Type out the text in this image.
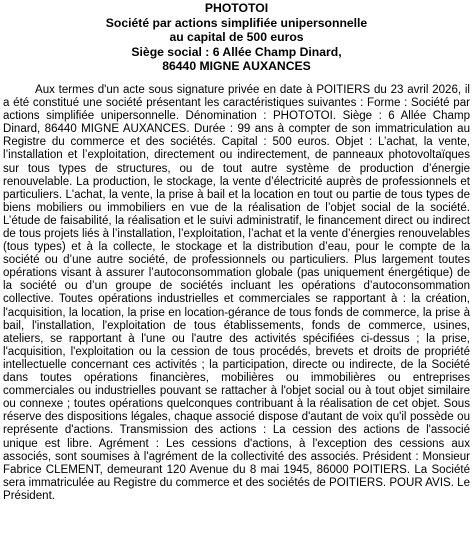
PHOTOTOI
Société par actions simplifiée unipersonnelle
au capital de 500 euros
Siège social : 6 Allée Champ Dinard,
86440 MIGNE AUXANCES

Aux termes d'un acte sous signature privée en date à POITIERS du 23 avril 2026, il a été constitué une société présentant les caractéristiques suivantes : Forme : Société par actions simplifiée unipersonnelle. Dénomination : PHOTOTOI. Siège : 6 Allée Champ Dinard, 86440 MIGNE AUXANCES. Durée : 99 ans à compter de son immatriculation au Registre du commerce et des sociétés. Capital : 500 euros. Objet : L’achat, la vente, l’installation et l’exploitation, directement ou indirectement, de panneaux photovoltaïques sur tous types de structures, ou de tout autre système de production d’énergie renouvelable. La production, le stockage, la vente d’électricité auprès de professionnels et particuliers. L'achat, la vente, la prise à bail et la location en tout ou partie de tous types de biens mobiliers ou immobiliers en vue de la réalisation de l’objet social de la société. L’étude de faisabilité, la réalisation et le suivi administratif, le financement direct ou indirect de tous projets liés à l’installation, l’exploitation, l’achat et la vente d’énergies renouvelables (tous types) et à la collecte, le stockage et la distribution d’eau, pour le compte de la société ou d’une autre société, de professionnels ou particuliers. Plus largement toutes opérations visant à assurer l’autoconsommation globale (pas uniquement énergétique) de la société ou d’un groupe de sociétés incluant les opérations d’autoconsommation collective. Toutes opérations industrielles et commerciales se rapportant à : la création, l'acquisition, la location, la prise en location-gérance de tous fonds de commerce, la prise à bail, l'installation, l'exploitation de tous établissements, fonds de commerce, usines, ateliers, se rapportant à l'une ou l'autre des activités spécifiées ci-dessus ; la prise, l'acquisition, l'exploitation ou la cession de tous procédés, brevets et droits de propriété intellectuelle concernant ces activités ; la participation, directe ou indirecte, de la Société dans toutes opérations financières, mobilières ou immobilières ou entreprises commerciales ou industrielles pouvant se rattacher à l'objet social ou à tout objet similaire ou connexe ; toutes opérations quelconques contribuant à la réalisation de cet objet. Sous réserve des dispositions légales, chaque associé dispose d'autant de voix qu'il possède ou représente d'actions. Transmission des actions : La cession des actions de l'associé unique est libre. Agrément : Les cessions d'actions, à l'exception des cessions aux associés, sont soumises à l'agrément de la collectivité des associés. Président : Monsieur Fabrice CLEMENT, demeurant 120 Avenue du 8 mai 1945, 86000 POITIERS. La Société sera immatriculée au Registre du commerce et des sociétés de POITIERS. POUR AVIS. Le Président.
